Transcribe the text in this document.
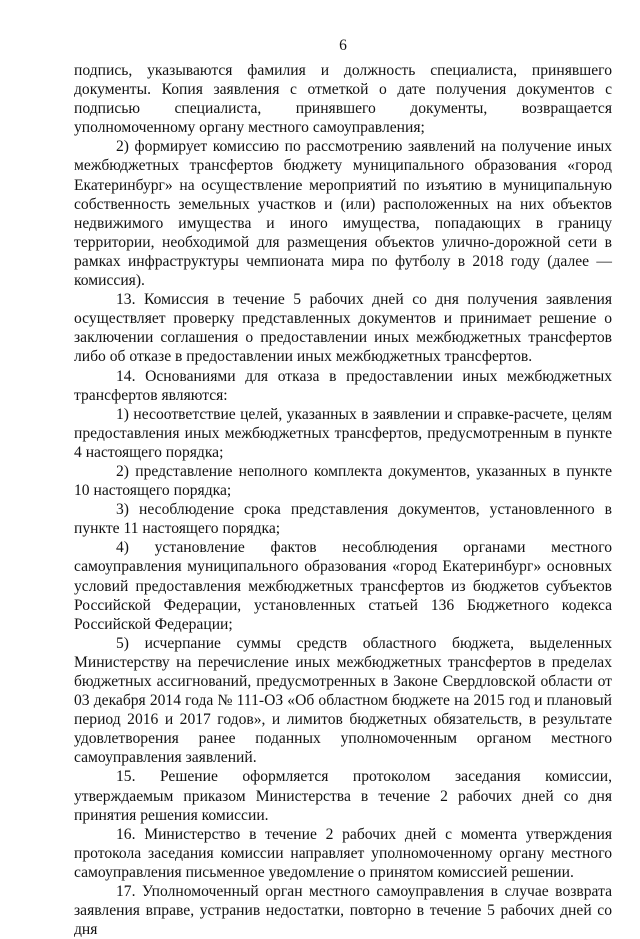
6

подпись, указываются фамилия и должность специалиста, принявшего документы. Копия заявления с отметкой о дате получения документов с подписью специалиста, принявшего документы, возвращается уполномоченному органу местного самоуправления;

2) формирует комиссию по рассмотрению заявлений на получение иных межбюджетных трансфертов бюджету муниципального образования «город Екатеринбург» на осуществление мероприятий по изъятию в муниципальную собственность земельных участков и (или) расположенных на них объектов недвижимого имущества и иного имущества, попадающих в границу территории, необходимой для размещения объектов улично-дорожной сети в рамках инфраструктуры чемпионата мира по футболу в 2018 году (далее — комиссия).

13. Комиссия в течение 5 рабочих дней со дня получения заявления осуществляет проверку представленных документов и принимает решение о заключении соглашения о предоставлении иных межбюджетных трансфертов либо об отказе в предоставлении иных межбюджетных трансфертов.

14. Основаниями для отказа в предоставлении иных межбюджетных трансфертов являются:

1) несоответствие целей, указанных в заявлении и справке-расчете, целям предоставления иных межбюджетных трансфертов, предусмотренным в пункте 4 настоящего порядка;

2) представление неполного комплекта документов, указанных в пункте 10 настоящего порядка;

3) несоблюдение срока представления документов, установленного в пункте 11 настоящего порядка;

4) установление фактов несоблюдения органами местного самоуправления муниципального образования «город Екатеринбург» основных условий предоставления межбюджетных трансфертов из бюджетов субъектов Российской Федерации, установленных статьей 136 Бюджетного кодекса Российской Федерации;

5) исчерпание суммы средств областного бюджета, выделенных Министерству на перечисление иных межбюджетных трансфертов в пределах бюджетных ассигнований, предусмотренных в Законе Свердловской области от 03 декабря 2014 года № 111-ОЗ «Об областном бюджете на 2015 год и плановый период 2016 и 2017 годов», и лимитов бюджетных обязательств, в результате удовлетворения ранее поданных уполномоченным органом местного самоуправления заявлений.

15. Решение оформляется протоколом заседания комиссии, утверждаемым приказом Министерства в течение 2 рабочих дней со дня принятия решения комиссии.

16. Министерство в течение 2 рабочих дней с момента утверждения протокола заседания комиссии направляет уполномоченному органу местного самоуправления письменное уведомление о принятом комиссией решении.

17. Уполномоченный орган местного самоуправления в случае возврата заявления вправе, устранив недостатки, повторно в течение 5 рабочих дней со дня
